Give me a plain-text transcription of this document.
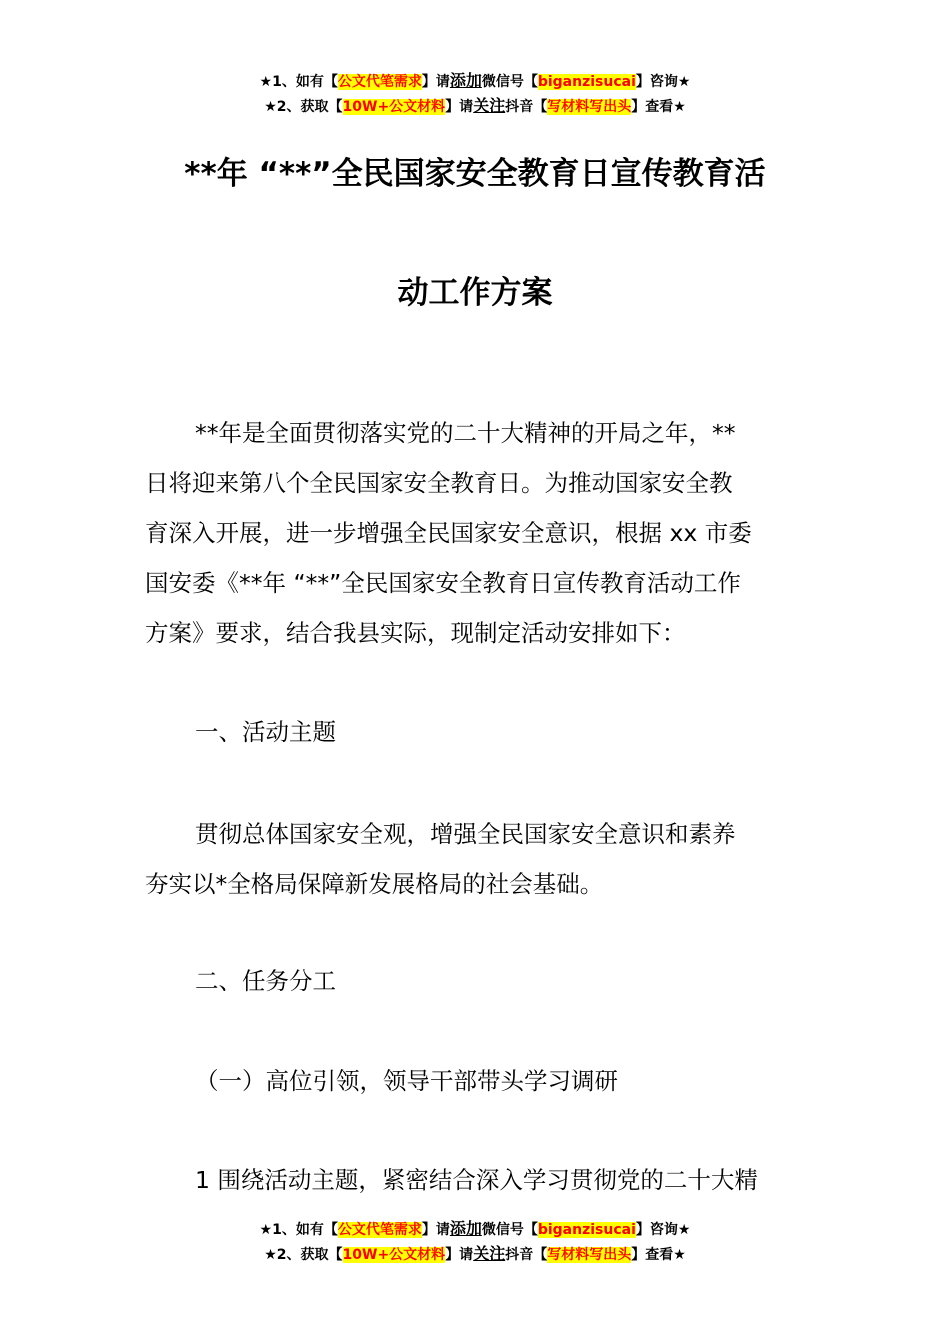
★1、如有【公文代笔需求】请添加微信号【biganzisucai】咨询★
★2、获取【10W+公文材料】请关注抖音【写材料写出头】查看★
**年 “**”全民国家安全教育日宣传教育活
动工作方案
**年是全面贯彻落实党的二十大精神的开局之年，**
日将迎来第八个全民国家安全教育日。为推动国家安全教
育深入开展，进一步增强全民国家安全意识，根据 xx 市委
国安委《**年 “**”全民国家安全教育日宣传教育活动工作
方案》要求，结合我县实际，现制定活动安排如下：
一、活动主题
贯彻总体国家安全观，增强全民国家安全意识和素养
夯实以*全格局保障新发展格局的社会基础。
二、任务分工
（一）高位引领，领导干部带头学习调研
1 围绕活动主题，紧密结合深入学习贯彻党的二十大精
★1、如有【公文代笔需求】请添加微信号【biganzisucai】咨询★
★2、获取【10W+公文材料】请关注抖音【写材料写出头】查看★
